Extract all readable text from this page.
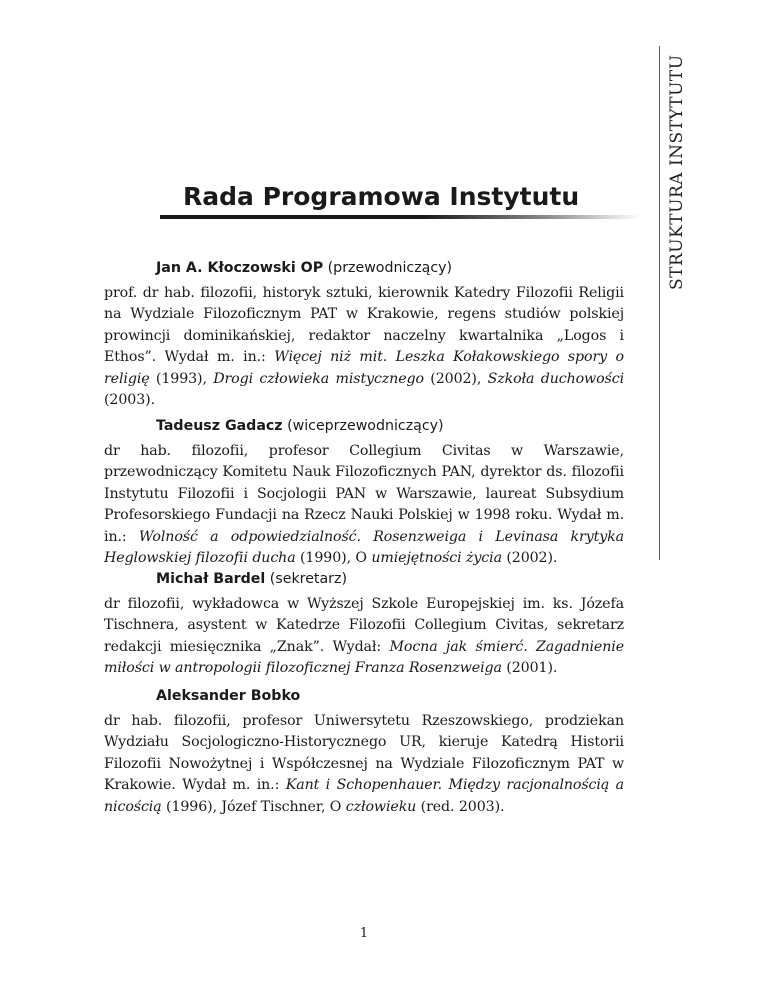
STRUKTURA INSTYTUTU
Rada Programowa Instytutu

Jan A. Kłoczowski OP (przewodniczący)

prof. dr hab. filozofii, historyk sztuki, kierownik Katedry Filozofii Religii na Wydziale Filozoficznym PAT w Krakowie, regens studiów polskiej prowincji dominikańskiej, redaktor naczelny kwartalnika „Logos i Ethos”. Wydał m. in.: Więcej niż mit. Leszka Kołakowskiego spory o religię (1993), Drogi człowieka mistycznego (2002), Szkoła duchowości (2003).

Tadeusz Gadacz (wiceprzewodniczący)

dr hab. filozofii, profesor Collegium Civitas w Warszawie, przewodniczący Komitetu Nauk Filozoficznych PAN, dyrektor ds. filozofii Instytutu Filozofii i Socjologii PAN w Warszawie, laureat Subsydium Profesorskiego Fundacji na Rzecz Nauki Polskiej w 1998 roku. Wydał m. in.: Wolność a odpowiedzialność. Rosenzweiga i Levinasa krytyka Heglowskiej filozofii ducha (1990), O umiejętności życia (2002).

Michał Bardel (sekretarz)

dr filozofii, wykładowca w Wyższej Szkole Europejskiej im. ks. Józefa Tischnera, asystent w Katedrze Filozofii Collegium Civitas, sekretarz redakcji miesięcznika „Znak”. Wydał: Mocna jak śmierć. Zagadnienie miłości w antropologii filozoficznej Franza Rosenzweiga (2001).

Aleksander Bobko

dr hab. filozofii, profesor Uniwersytetu Rzeszowskiego, prodziekan Wydziału Socjologiczno-Historycznego UR, kieruje Katedrą Historii Filozofii Nowożytnej i Współczesnej na Wydziale Filozoficznym PAT w Krakowie. Wydał m. in.: Kant i Schopenhauer. Między racjonalnością a nicością (1996), Józef Tischner, O człowieku (red. 2003).

1
